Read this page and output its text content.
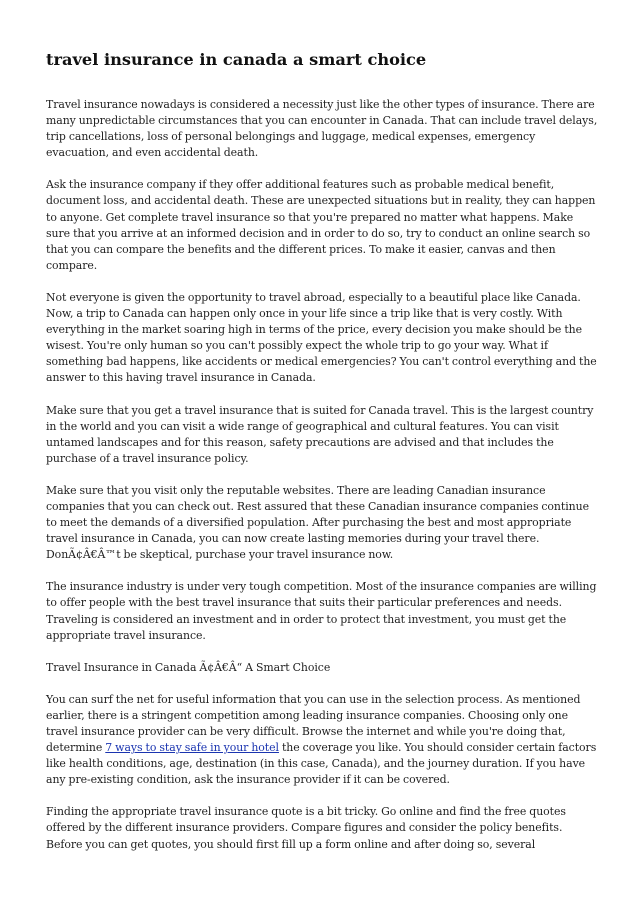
travel insurance in canada a smart choice

Travel insurance nowadays is considered a necessity just like the other types of insurance. There are many unpredictable circumstances that you can encounter in Canada. That can include travel delays, trip cancellations, loss of personal belongings and luggage, medical expenses, emergency evacuation, and even accidental death.

Ask the insurance company if they offer additional features such as probable medical benefit, document loss, and accidental death. These are unexpected situations but in reality, they can happen to anyone. Get complete travel insurance so that you're prepared no matter what happens. Make sure that you arrive at an informed decision and in order to do so, try to conduct an online search so that you can compare the benefits and the different prices. To make it easier, canvas and then compare.

Not everyone is given the opportunity to travel abroad, especially to a beautiful place like Canada. Now, a trip to Canada can happen only once in your life since a trip like that is very costly. With everything in the market soaring high in terms of the price, every decision you make should be the wisest. You're only human so you can't possibly expect the whole trip to go your way. What if something bad happens, like accidents or medical emergencies? You can't control everything and the answer to this having travel insurance in Canada.

Make sure that you get a travel insurance that is suited for Canada travel. This is the largest country in the world and you can visit a wide range of geographical and cultural features. You can visit untamed landscapes and for this reason, safety precautions are advised and that includes the purchase of a travel insurance policy.

Make sure that you visit only the reputable websites. There are leading Canadian insurance companies that you can check out. Rest assured that these Canadian insurance companies continue to meet the demands of a diversified population. After purchasing the best and most appropriate travel insurance in Canada, you can now create lasting memories during your travel there. DonÃ¢Â€Â™t be skeptical, purchase your travel insurance now.

The insurance industry is under very tough competition. Most of the insurance companies are willing to offer people with the best travel insurance that suits their particular preferences and needs. Traveling is considered an investment and in order to protect that investment, you must get the appropriate travel insurance.

Travel Insurance in Canada Ã¢Â€Â“ A Smart Choice

You can surf the net for useful information that you can use in the selection process. As mentioned earlier, there is a stringent competition among leading insurance companies. Choosing only one travel insurance provider can be very difficult. Browse the internet and while you're doing that, determine 7 ways to stay safe in your hotel the coverage you like. You should consider certain factors like health conditions, age, destination (in this case, Canada), and the journey duration. If you have any pre-existing condition, ask the insurance provider if it can be covered.

Finding the appropriate travel insurance quote is a bit tricky. Go online and find the free quotes offered by the different insurance providers. Compare figures and consider the policy benefits. Before you can get quotes, you should first fill up a form online and after doing so, several
